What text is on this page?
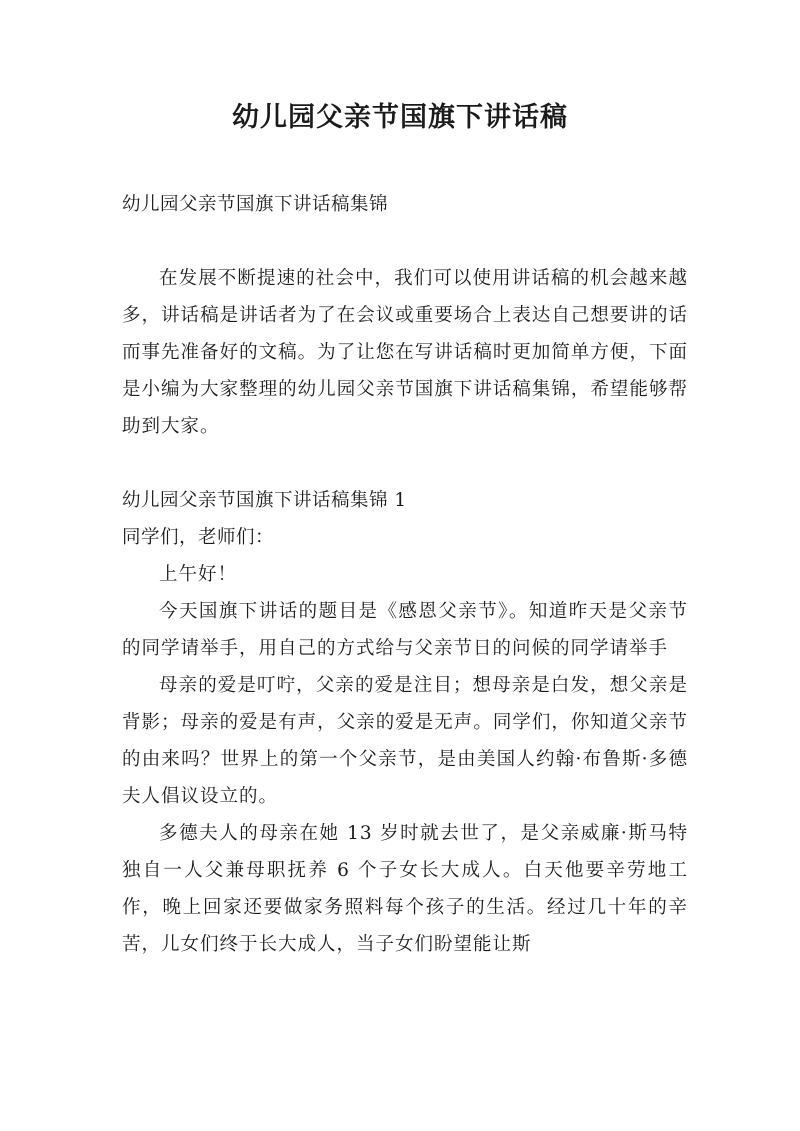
幼儿园父亲节国旗下讲话稿

幼儿园父亲节国旗下讲话稿集锦

在发展不断提速的社会中，我们可以使用讲话稿的机会越来越多，讲话稿是讲话者为了在会议或重要场合上表达自己想要讲的话而事先准备好的文稿。为了让您在写讲话稿时更加简单方便，下面是小编为大家整理的幼儿园父亲节国旗下讲话稿集锦，希望能够帮助到大家。

幼儿园父亲节国旗下讲话稿集锦 1

同学们，老师们：

上午好！

今天国旗下讲话的题目是《感恩父亲节》。知道昨天是父亲节的同学请举手，用自己的方式给与父亲节日的问候的同学请举手

母亲的爱是叮咛，父亲的爱是注目；想母亲是白发，想父亲是背影；母亲的爱是有声，父亲的爱是无声。同学们，你知道父亲节的由来吗？世界上的第一个父亲节，是由美国人约翰·布鲁斯·多德夫人倡议设立的。

多德夫人的母亲在她 13 岁时就去世了，是父亲威廉·斯马特独自一人父兼母职抚养 6 个子女长大成人。白天他要辛劳地工作，晚上回家还要做家务照料每个孩子的生活。经过几十年的辛苦，儿女们终于长大成人，当子女们盼望能让斯
